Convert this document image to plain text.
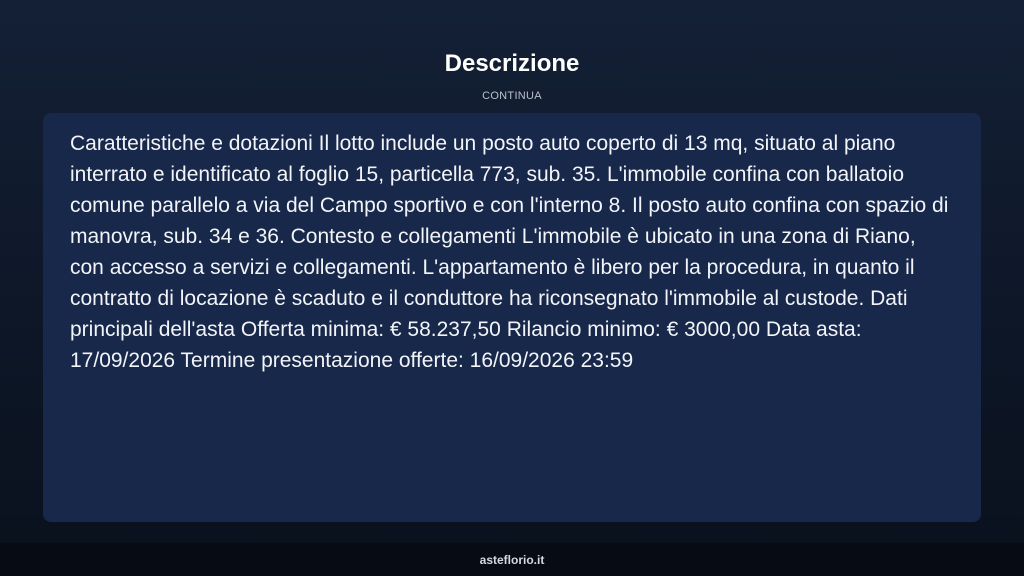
Descrizione
CONTINUA

Caratteristiche e dotazioni Il lotto include un posto auto coperto di 13 mq, situato al piano interrato e identificato al foglio 15, particella 773, sub. 35. L'immobile confina con ballatoio comune parallelo a via del Campo sportivo e con l'interno 8. Il posto auto confina con spazio di manovra, sub. 34 e 36. Contesto e collegamenti L'immobile è ubicato in una zona di Riano, con accesso a servizi e collegamenti. L'appartamento è libero per la procedura, in quanto il contratto di locazione è scaduto e il conduttore ha riconsegnato l'immobile al custode. Dati principali dell'asta Offerta minima: € 58.237,50 Rilancio minimo: € 3000,00 Data asta: 17/09/2026 Termine presentazione offerte: 16/09/2026 23:59

asteflorio.it
